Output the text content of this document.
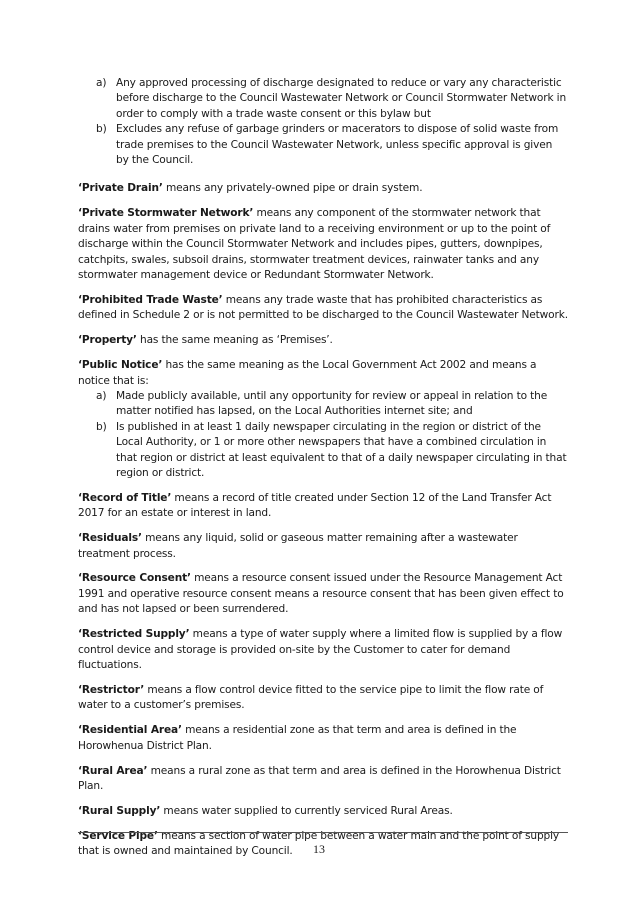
a) Any approved processing of discharge designated to reduce or vary any characteristic before discharge to the Council Wastewater Network or Council Stormwater Network in order to comply with a trade waste consent or this bylaw but
b) Excludes any refuse of garbage grinders or macerators to dispose of solid waste from trade premises to the Council Wastewater Network, unless specific approval is given by the Council.

‘Private Drain’ means any privately-owned pipe or drain system.

‘Private Stormwater Network’ means any component of the stormwater network that drains water from premises on private land to a receiving environment or up to the point of discharge within the Council Stormwater Network and includes pipes, gutters, downpipes, catchpits, swales, subsoil drains, stormwater treatment devices, rainwater tanks and any stormwater management device or Redundant Stormwater Network.

‘Prohibited Trade Waste’ means any trade waste that has prohibited characteristics as defined in Schedule 2 or is not permitted to be discharged to the Council Wastewater Network.

‘Property’ has the same meaning as ‘Premises’.

‘Public Notice’ has the same meaning as the Local Government Act 2002 and means a notice that is:

a) Made publicly available, until any opportunity for review or appeal in relation to the matter notified has lapsed, on the Local Authorities internet site; and
b) Is published in at least 1 daily newspaper circulating in the region or district of the Local Authority, or 1 or more other newspapers that have a combined circulation in that region or district at least equivalent to that of a daily newspaper circulating in that region or district.

‘Record of Title’ means a record of title created under Section 12 of the Land Transfer Act 2017 for an estate or interest in land.

‘Residuals’ means any liquid, solid or gaseous matter remaining after a wastewater treatment process.

‘Resource Consent’ means a resource consent issued under the Resource Management Act 1991 and operative resource consent means a resource consent that has been given effect to and has not lapsed or been surrendered.

‘Restricted Supply’ means a type of water supply where a limited flow is supplied by a flow control device and storage is provided on-site by the Customer to cater for demand fluctuations.

‘Restrictor’ means a flow control device fitted to the service pipe to limit the flow rate of water to a customer’s premises.

‘Residential Area’ means a residential zone as that term and area is defined in the Horowhenua District Plan.

‘Rural Area’ means a rural zone as that term and area is defined in the Horowhenua District Plan.

‘Rural Supply’ means water supplied to currently serviced Rural Areas.

‘Service Pipe’ means a section of water pipe between a water main and the point of supply that is owned and maintained by Council.	13
